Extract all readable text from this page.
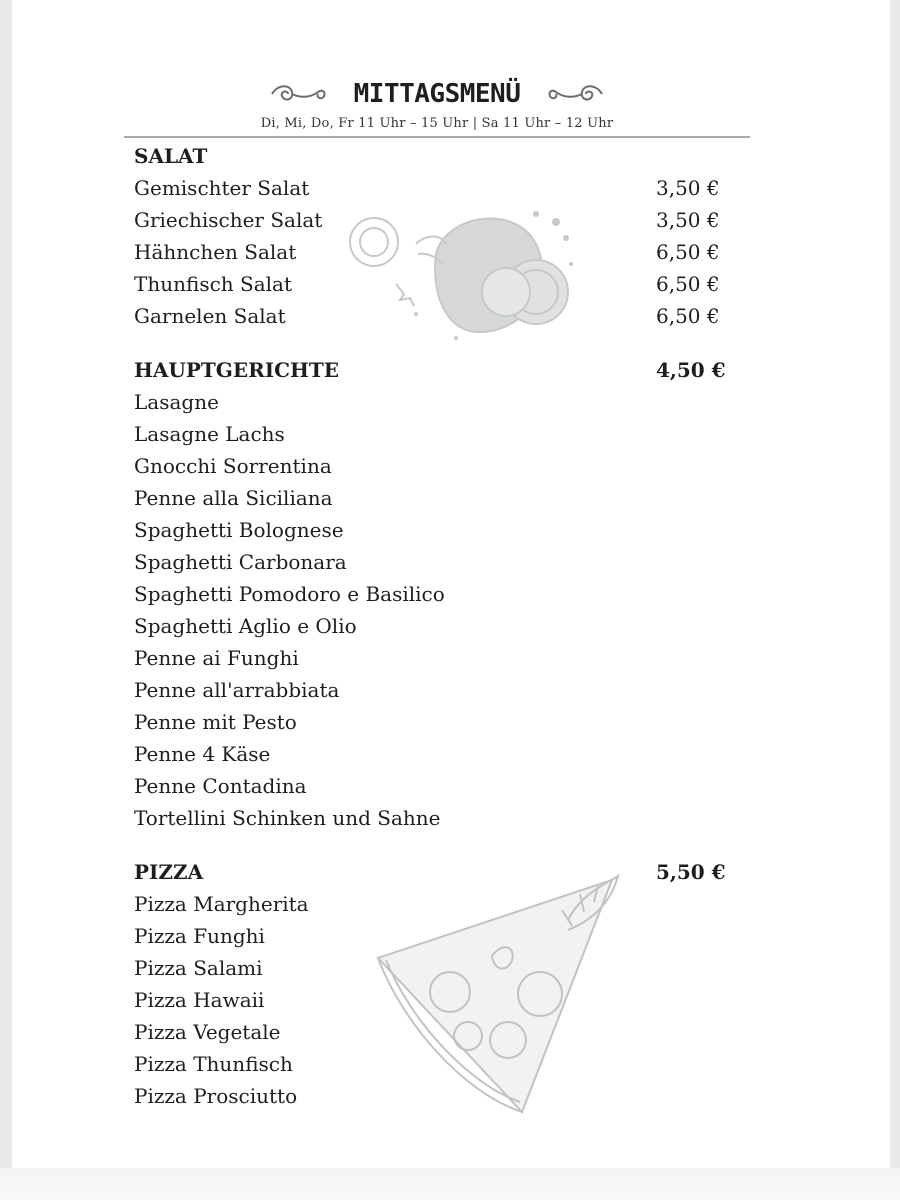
MITTAGSMENÜ
Di, Mi, Do, Fr 11 Uhr – 15 Uhr | Sa 11 Uhr – 12 Uhr
SALAT
Gemischter Salat	3,50 €
Griechischer Salat	3,50 €
Hähnchen Salat	6,50 €
Thunfisch Salat	6,50 €
Garnelen Salat	6,50 €
HAUPTGERICHTE	4,50 €
Lasagne
Lasagne Lachs
Gnocchi Sorrentina
Penne alla Siciliana
Spaghetti Bolognese
Spaghetti Carbonara
Spaghetti Pomodoro e Basilico
Spaghetti Aglio e Olio
Penne ai Funghi
Penne all'arrabbiata
Penne mit Pesto
Penne 4 Käse
Penne Contadina
Tortellini Schinken und Sahne
PIZZA	5,50 €
Pizza Margherita
Pizza Funghi
Pizza Salami
Pizza Hawaii
Pizza Vegetale
Pizza Thunfisch
Pizza Prosciutto
